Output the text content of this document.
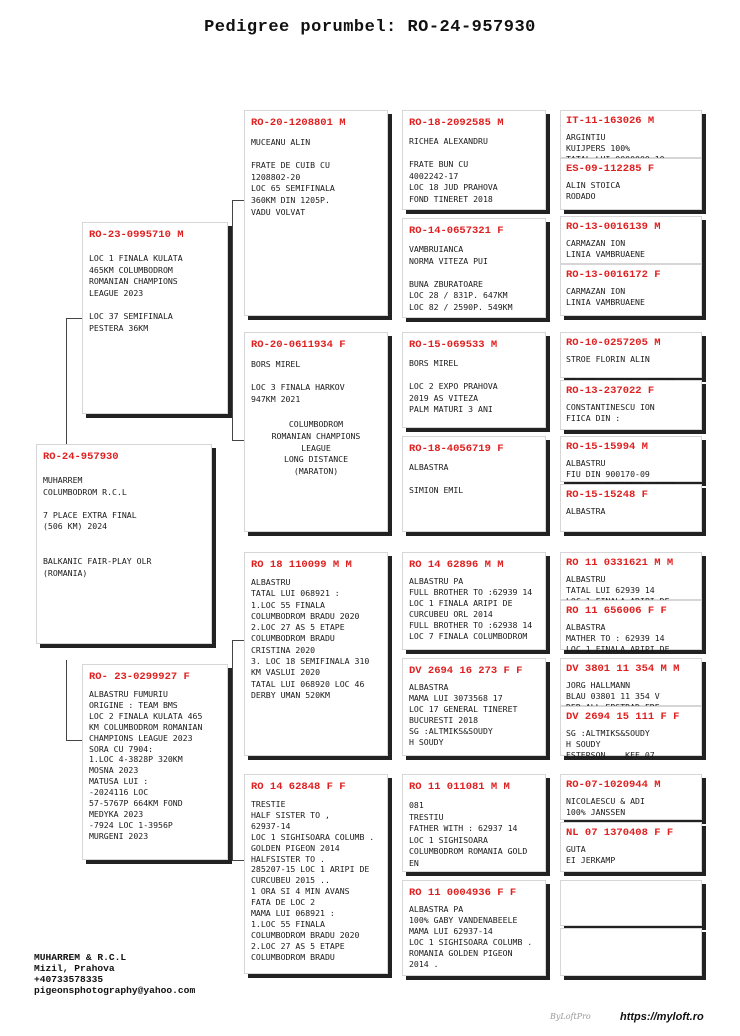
Pedigree porumbel: RO-24-957930
RO-24-957930
MUHARREM
COLUMBODROM R.C.L

7 PLACE EXTRA FINAL
(506 KM) 2024

BALKANIC FAIR-PLAY OLR
(ROMANIA)
RO-23-0995710 M
LOC 1 FINALA KULATA
465KM COLUMBODROM
ROMANIAN CHAMPIONS
LEAGUE 2023

LOC 37 SEMIFINALA
PESTERA 36KM
RO- 23-0299927 F
ALBASTRU FUMURIU
ORIGINE : TEAM BMS
LOC 2 FINALA KULATA 465
KM COLUMBODROM ROMANIAN
CHAMPIONS LEAGUE 2023
SORA CU 7904:
1.LOC 4-3828P 320KM
MOSNA 2023
MATUSA LUI :
-2024116 LOC
57-5767P 664KM FOND
MEDYKA 2023
-7924 LOC 1-3956P
MURGENI 2023
RO-20-1208801 M
MUCEANU ALIN

FRATE DE CUIB CU
1208802-20
LOC 65 SEMIFINALA
360KM DIN 1205P.
VADU VOLVAT
RO-20-0611934 F
BORS MIREL

LOC 3 FINALA HARKOV
947KM 2021
COLUMBODROM
ROMANIAN CHAMPIONS
LEAGUE
LONG DISTANCE
(MARATON)
RO 18 110099 M M
ALBASTRU
TATAL LUI 068921 :
1.LOC 55 FINALA
COLUMBODROM BRADU 2020
2.LOC 27 AS 5 ETAPE
COLUMBODROM BRADU
CRISTINA 2020
3. LOC 18 SEMIFINALA 310
KM VASLUI 2020
TATAL LUI 068920 LOC 46
DERBY UMAN 520KM
RO 14 62848 F F
TRESTIE
HALF SISTER TO ,
62937-14
LOC 1 SIGHISOARA COLUMB .
GOLDEN PIGEON 2014
HALFSISTER TO .
285207-15 LOC 1 ARIPI DE
CURCUBEU 2015 ..
1 ORA SI 4 MIN AVANS
FATA DE LOC 2
MAMA LUI 068921 :
1.LOC 55 FINALA
COLUMBODROM BRADU 2020
2.LOC 27 AS 5 ETAPE
COLUMBODROM BRADU
RO-18-2092585 M
RICHEA ALEXANDRU

FRATE BUN CU
4002242-17
LOC 18 JUD PRAHOVA
FOND TINERET 2018
RO-14-0657321 F
VAMBRUIANCA
NORMA VITEZA PUI

BUNA ZBURATOARE
LOC 28 / 831P. 647KM
LOC 82 / 2590P. 549KM
RO-15-069533 M
BORS MIREL

LOC 2 EXPO PRAHOVA
2019 AS VITEZA
PALM MATURI 3 ANI
RO-18-4056719 F
ALBASTRA

SIMION EMIL
RO 14 62896 M M
ALBASTRU PA
FULL BROTHER TO :62939 14
LOC 1 FINALA ARIPI DE
CURCUBEU ORL 2014
FULL BROTHER TO :62938 14
LOC 7 FINALA COLUMBODROM
DV 2694 16 273 F F
ALBASTRA
MAMA LUI 3073568 17
LOC 17 GENERAL TINERET
BUCURESTI 2018
SG :ALTMIKS&SOUDY
H SOUDY
RO 11 011081 M M
081
TRESTIU
FATHER WITH : 62937 14
LOC 1 SIGHISOARA
COLUMBODROM ROMANIA GOLD
EN
RO 11 0004936 F F
ALBASTRA PA
100% GABY VANDENABEELE
MAMA LUI 62937-14
LOC 1 SIGHISOARA COLUMB .
ROMANIA GOLDEN PIGEON
2014 .
IT-11-163026 M
ARGINTIU
KUIJPERS 100%

ES-09-112285 F
ALIN STOICA
RODADO
RO-13-0016139 M
CARMAZAN ION
LINIA VAMBRUAENE
RO-13-0016172 F
CARMAZAN ION
LINIA VAMBRUAENE
RO-10-0257205 M
STROE FLORIN ALIN

RO-13-237022 F
CONSTANTINESCU ION
FIICA DIN :
RO-15-15994 M
ALBASTRU
FIU DIN 900170-09

RO-15-15248 F
ALBASTRA
RO 11 0331621 M M
ALBASTRU
TATAL LUI 62939 14

RO 11 656006 F F
ALBASTRA
MATHER TO : 62939 14
LOC 1 FINALA ARIPI DE
DV 3801 11 354 M M
JORG HALLMANN
BLAU 03801 11 354 V

DV 2694 15 111 F F
SG :ALTMIKS&SOUDY
H SOUDY
ESTERSON    KEE 07
RO-07-1020944 M
NICOLAESCU & ADI
100% JANSSEN
NL 07 1370408 F F
GUTA
EI JERKAMP
MUHARREM & R.C.L
Mizil, Prahova
+40733578335
pigeonsphotography@yahoo.com
ByLoftPro	https://myloft.ro
